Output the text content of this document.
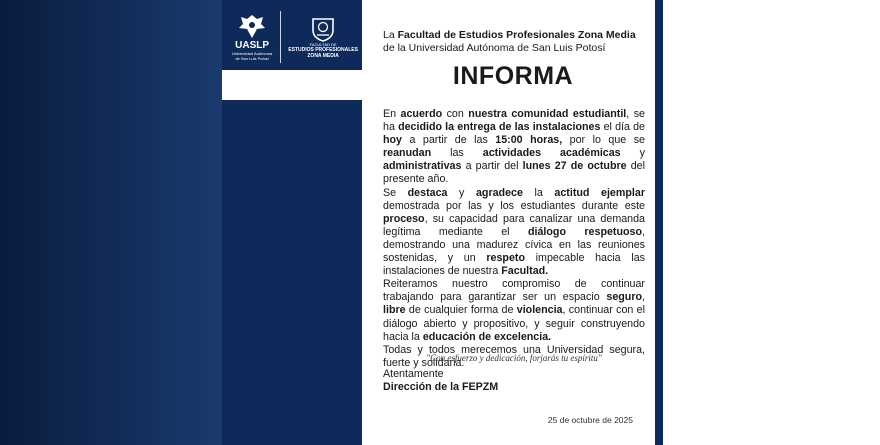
UASLP
Universidad Autónoma
de San Luis Potosí
FACULTAD DE
ESTUDIOS PROFESIONALES
ZONA MEDIA
La Facultad de Estudios Profesionales Zona Media de la Universidad Autónoma de San Luis Potosí
INFORMA

En acuerdo con nuestra comunidad estudiantil, se ha decidido la entrega de las instalaciones el día de hoy a partir de las 15:00 horas, por lo que se reanudan las actividades académicas y administrativas a partir del lunes 27 de octubre del presente año.

Se destaca y agradece la actitud ejemplar demostrada por las y los estudiantes durante este proceso, su capacidad para canalizar una demanda legítima mediante el diálogo respetuoso, demostrando una madurez cívica en las reuniones sostenidas, y un respeto impecable hacia las instalaciones de nuestra Facultad.

Reiteramos nuestro compromiso de continuar trabajando para garantizar ser un espacio seguro, libre de cualquier forma de violencia, continuar con el diálogo abierto y propositivo, y seguir construyendo hacia la educación de excelencia.

Todas y todos merecemos una Universidad segura, fuerte y solidaria.

"Con esfuerzo y dedicación, forjarás tu espíritu"
Atentamente
Dirección de la FEPZM
25 de octubre de 2025
